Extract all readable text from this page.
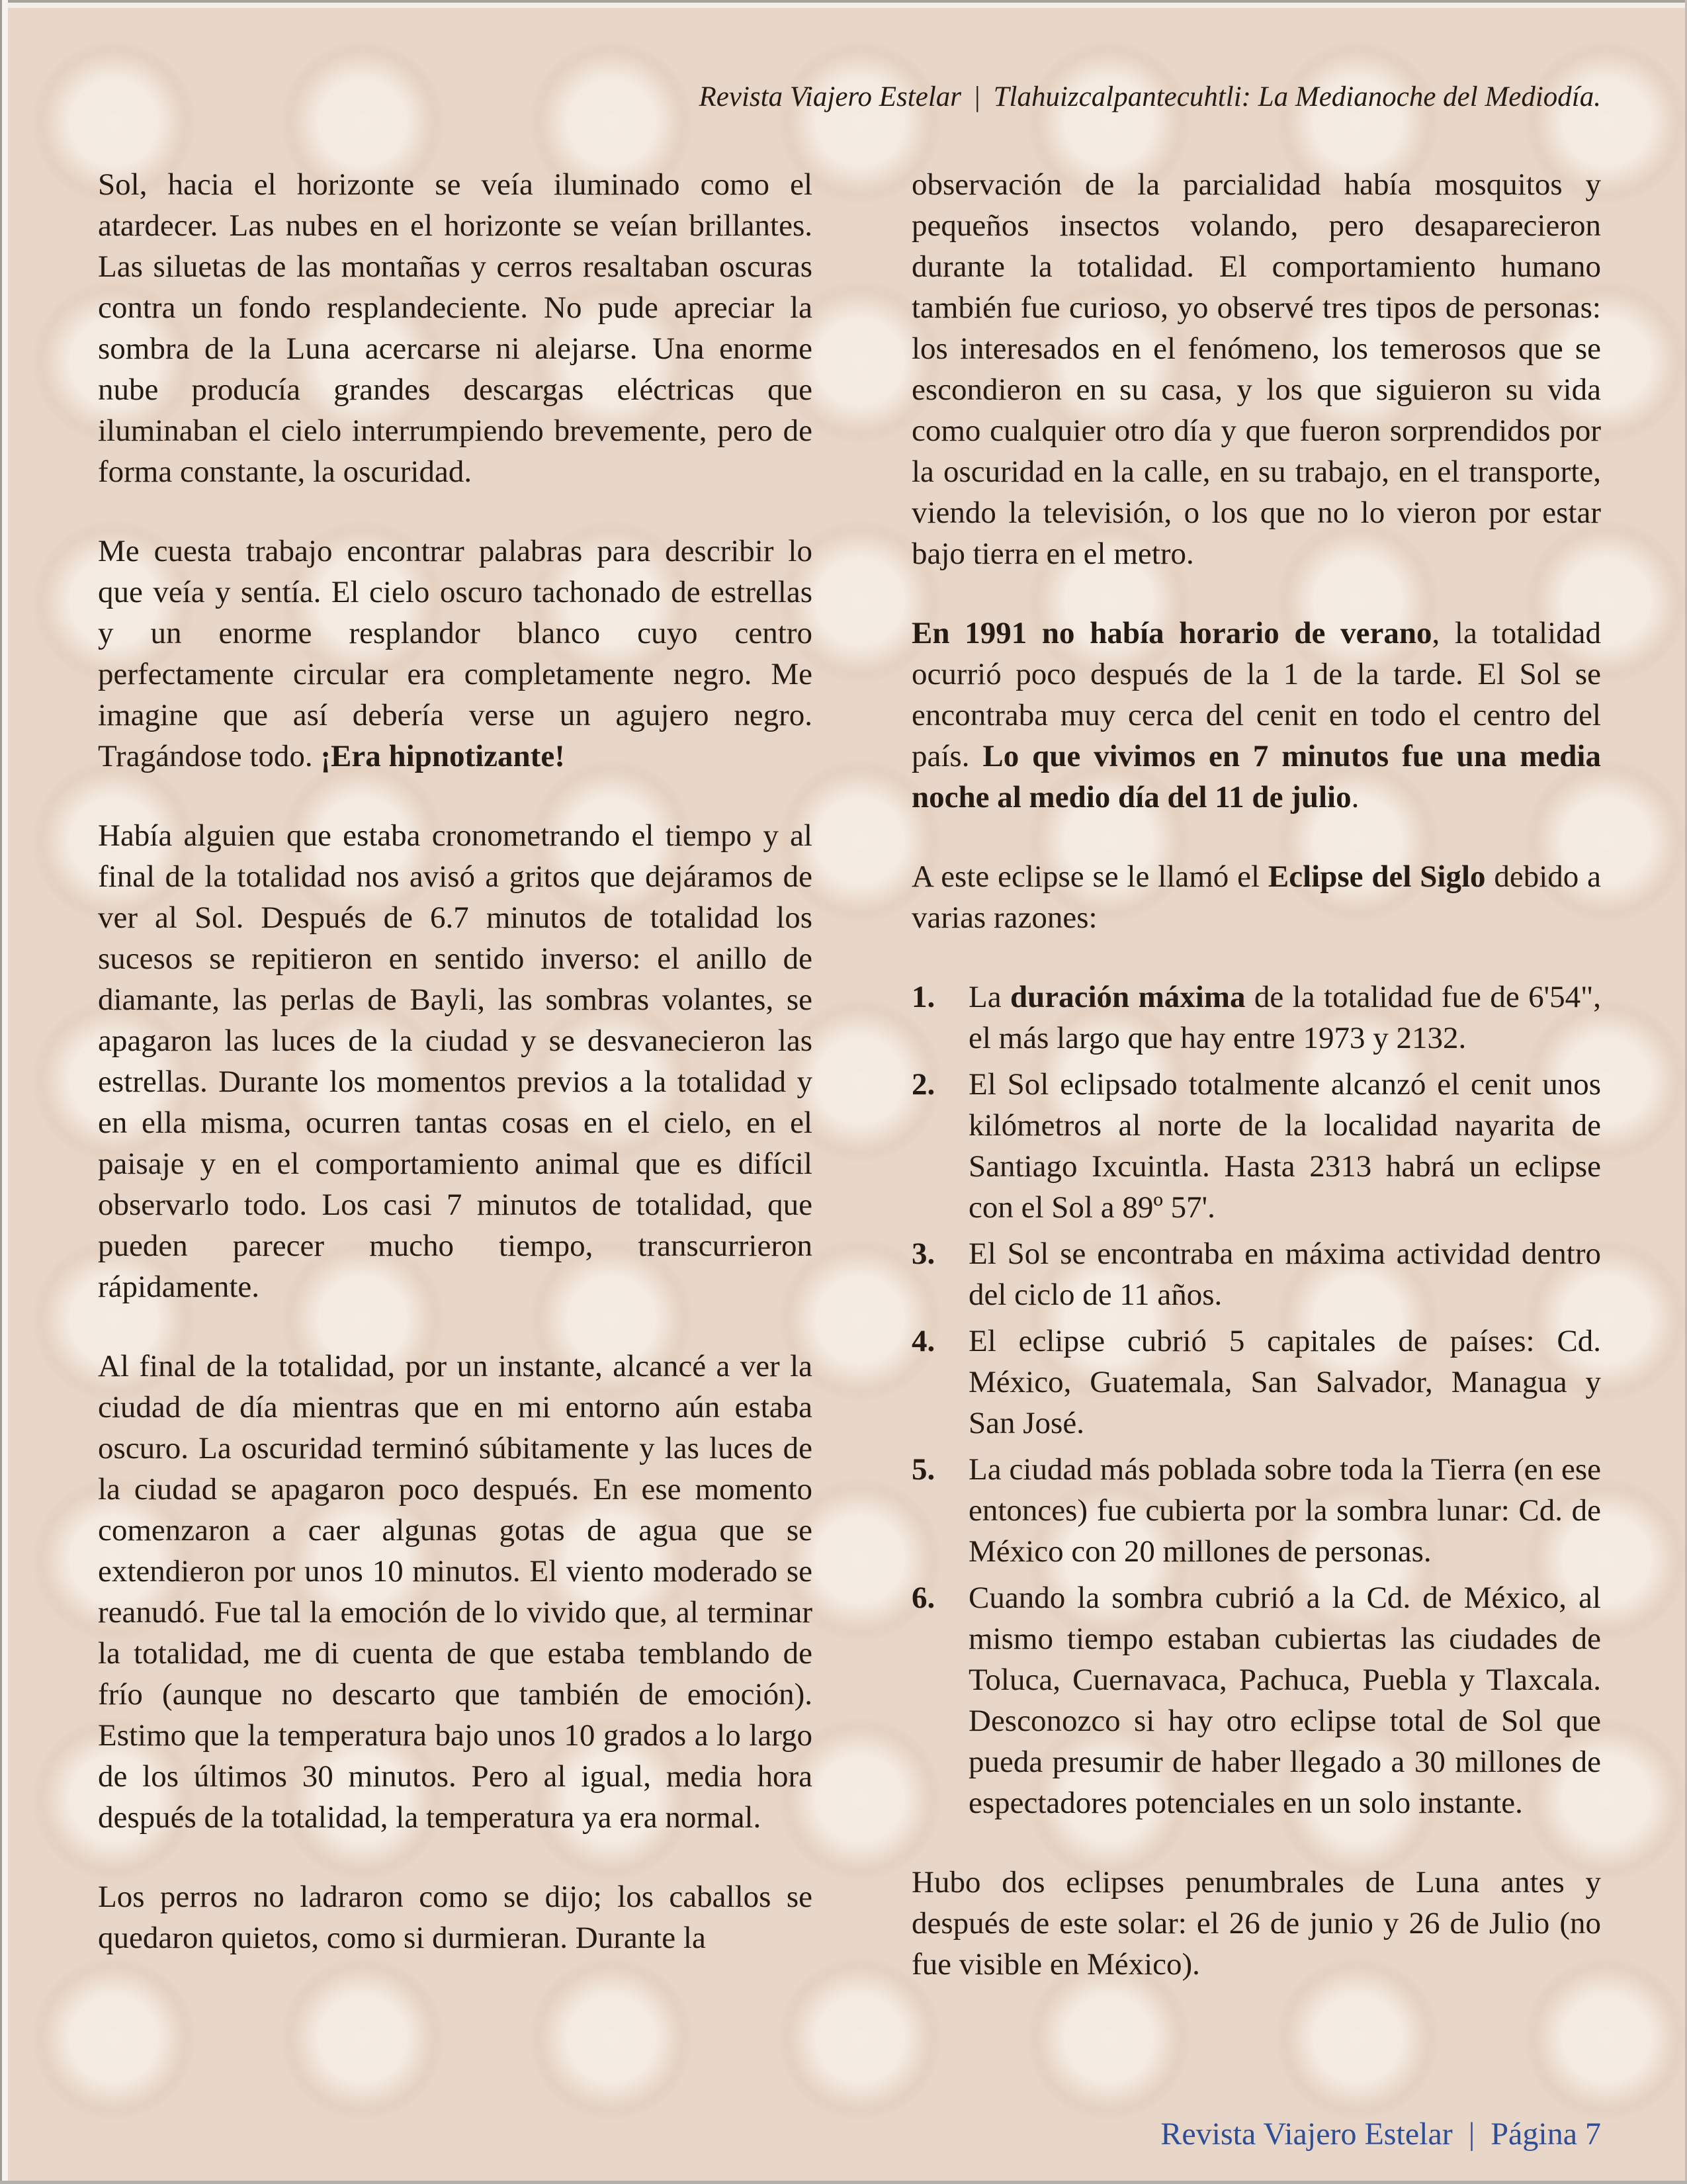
Revista Viajero Estelar | Tlahuizcalpantecuhtli: La Medianoche del Mediodía.

Sol, hacia el horizonte se veía iluminado como el atardecer. Las nubes en el horizonte se veían brillantes. Las siluetas de las montañas y cerros resaltaban oscuras contra un fondo resplandeciente. No pude apreciar la sombra de la Luna acercarse ni alejarse. Una enorme nube producía grandes descargas eléctricas que iluminaban el cielo interrumpiendo brevemente, pero de forma constante, la oscuridad.

Me cuesta trabajo encontrar palabras para describir lo que veía y sentía. El cielo oscuro tachonado de estrellas y un enorme resplandor blanco cuyo centro perfectamente circular era completamente negro. Me imagine que así debería verse un agujero negro. Tragándose todo. ¡Era hipnotizante!

Había alguien que estaba cronometrando el tiempo y al final de la totalidad nos avisó a gritos que dejáramos de ver al Sol. Después de 6.7 minutos de totalidad los sucesos se repitieron en sentido inverso: el anillo de diamante, las perlas de Bayli, las sombras volantes, se apagaron las luces de la ciudad y se desvanecieron las estrellas. Durante los momentos previos a la totalidad y en ella misma, ocurren tantas cosas en el cielo, en el paisaje y en el comportamiento animal que es difícil observarlo todo. Los casi 7 minutos de totalidad, que pueden parecer mucho tiempo, transcurrieron rápidamente.

Al final de la totalidad, por un instante, alcancé a ver la ciudad de día mientras que en mi entorno aún estaba oscuro. La oscuridad terminó súbitamente y las luces de la ciudad se apagaron poco después. En ese momento comenzaron a caer algunas gotas de agua que se extendieron por unos 10 minutos. El viento moderado se reanudó. Fue tal la emoción de lo vivido que, al terminar la totalidad, me di cuenta de que estaba temblando de frío (aunque no descarto que también de emoción). Estimo que la temperatura bajo unos 10 grados a lo largo de los últimos 30 minutos. Pero al igual, media hora después de la totalidad, la temperatura ya era normal.

Los perros no ladraron como se dijo; los caballos se quedaron quietos, como si durmieran. Durante la

observación de la parcialidad había mosquitos y pequeños insectos volando, pero desaparecieron durante la totalidad. El comportamiento humano también fue curioso, yo observé tres tipos de personas: los interesados en el fenómeno, los temerosos que se escondieron en su casa, y los que siguieron su vida como cualquier otro día y que fueron sorprendidos por la oscuridad en la calle, en su trabajo, en el transporte, viendo la televisión, o los que no lo vieron por estar bajo tierra en el metro.

En 1991 no había horario de verano, la totalidad ocurrió poco después de la 1 de la tarde. El Sol se encontraba muy cerca del cenit en todo el centro del país. Lo que vivimos en 7 minutos fue una media noche al medio día del 11 de julio.

A este eclipse se le llamó el Eclipse del Siglo debido a varias razones:

1. La duración máxima de la totalidad fue de 6'54", el más largo que hay entre 1973 y 2132.
2. El Sol eclipsado totalmente alcanzó el cenit unos kilómetros al norte de la localidad nayarita de Santiago Ixcuintla. Hasta 2313 habrá un eclipse con el Sol a 89º 57'.
3. El Sol se encontraba en máxima actividad dentro del ciclo de 11 años.
4. El eclipse cubrió 5 capitales de países: Cd. México, Guatemala, San Salvador, Managua y San José.
5. La ciudad más poblada sobre toda la Tierra (en ese entonces) fue cubierta por la sombra lunar: Cd. de México con 20 millones de personas.
6. Cuando la sombra cubrió a la Cd. de México, al mismo tiempo estaban cubiertas las ciudades de Toluca, Cuernavaca, Pachuca, Puebla y Tlaxcala. Desconozco si hay otro eclipse total de Sol que pueda presumir de haber llegado a 30 millones de espectadores potenciales en un solo instante.

Hubo dos eclipses penumbrales de Luna antes y después de este solar: el 26 de junio y 26 de Julio (no fue visible en México).

Revista Viajero Estelar | Página 7
